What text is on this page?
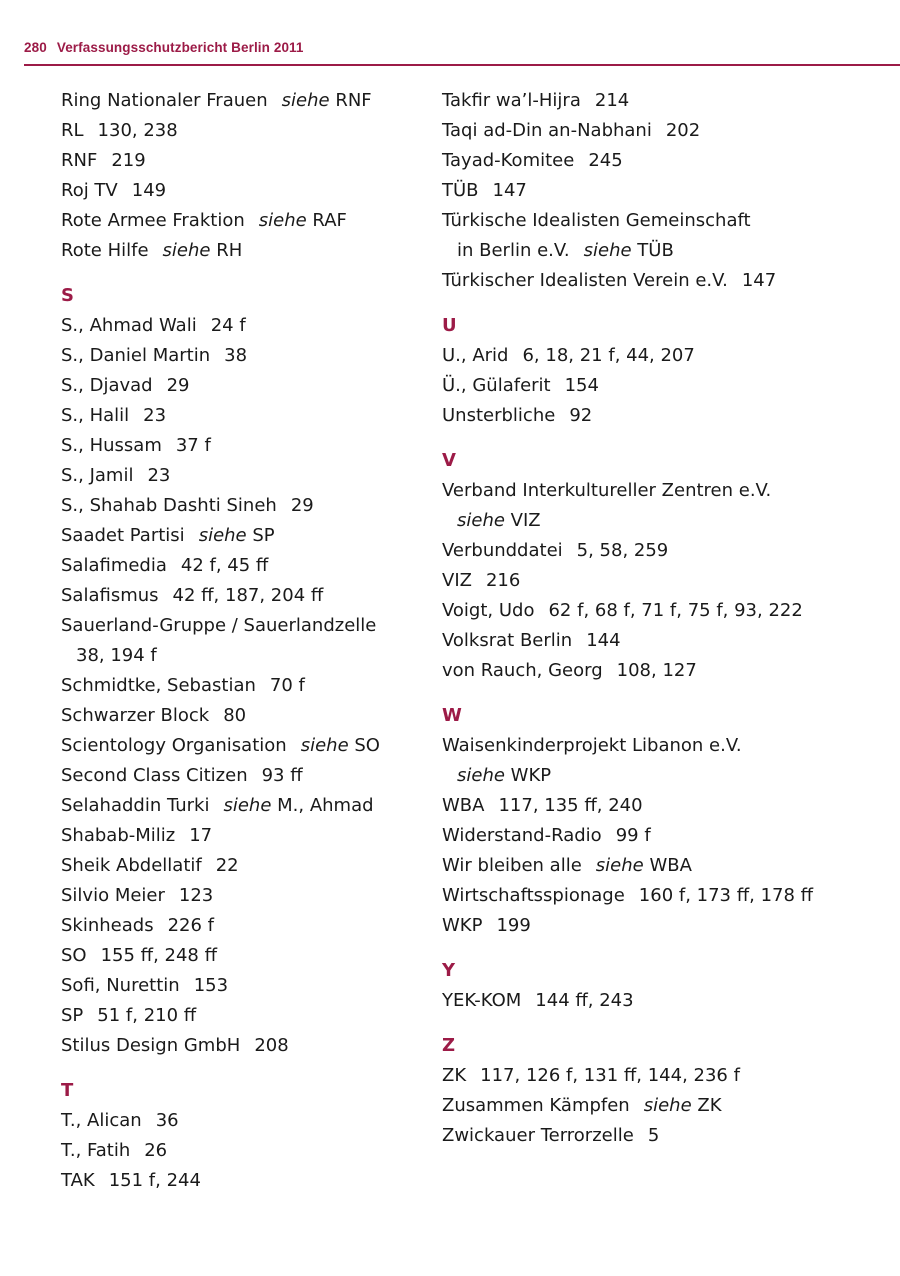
280 Verfassungsschutzbericht Berlin 2011
Ring Nationaler Frauen siehe RNF
RL 130, 238
RNF 219
Roj TV 149
Rote Armee Fraktion siehe RAF
Rote Hilfe siehe RH
S
S., Ahmad Wali 24 f
S., Daniel Martin 38
S., Djavad 29
S., Halil 23
S., Hussam 37 f
S., Jamil 23
S., Shahab Dashti Sineh 29
Saadet Partisi siehe SP
Salafimedia 42 f, 45 ff
Salafismus 42 ff, 187, 204 ff
Sauerland-Gruppe / Sauerlandzelle
38, 194 f
Schmidtke, Sebastian 70 f
Schwarzer Block 80
Scientology Organisation siehe SO
Second Class Citizen 93 ff
Selahaddin Turki siehe M., Ahmad
Shabab-Miliz 17
Sheik Abdellatif 22
Silvio Meier 123
Skinheads 226 f
SO 155 ff, 248 ff
Sofi, Nurettin 153
SP 51 f, 210 ff
Stilus Design GmbH 208
T
T., Alican 36
T., Fatih 26
TAK 151 f, 244
Takfir wa’l-Hijra 214
Taqi ad-Din an-Nabhani 202
Tayad-Komitee 245
TÜB 147
Türkische Idealisten Gemeinschaft
in Berlin e.V. siehe TÜB
Türkischer Idealisten Verein e.V. 147
U
U., Arid 6, 18, 21 f, 44, 207
Ü., Gülaferit 154
Unsterbliche 92
V
Verband Interkultureller Zentren e.V.
siehe VIZ
Verbunddatei 5, 58, 259
VIZ 216
Voigt, Udo 62 f, 68 f, 71 f, 75 f, 93, 222
Volksrat Berlin 144
von Rauch, Georg 108, 127
W
Waisenkinderprojekt Libanon e.V.
siehe WKP
WBA 117, 135 ff, 240
Widerstand-Radio 99 f
Wir bleiben alle siehe WBA
Wirtschaftsspionage 160 f, 173 ff, 178 ff
WKP 199
Y
YEK-KOM 144 ff, 243
Z
ZK 117, 126 f, 131 ff, 144, 236 f
Zusammen Kämpfen siehe ZK
Zwickauer Terrorzelle 5
